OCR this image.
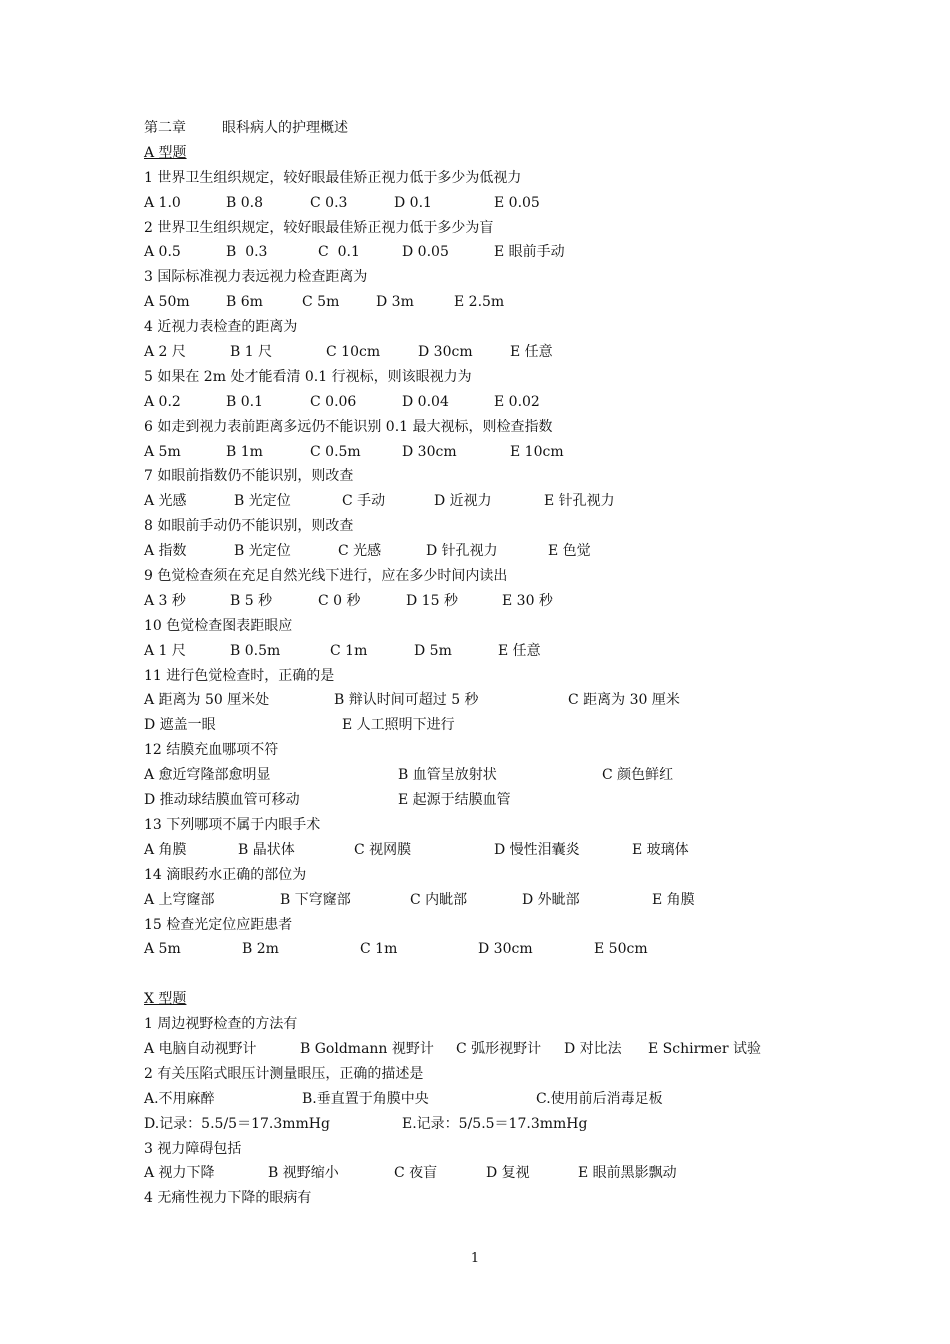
第二章	眼科病人的护理概述
A 型题
1 世界卫生组织规定，较好眼最佳矫正视力低于多少为低视力
A 1.0	B 0.8	C 0.3	D 0.1	E 0.05
2 世界卫生组织规定，较好眼最佳矫正视力低于多少为盲
A 0.5	B  0.3	C  0.1	D 0.05	E 眼前手动
3 国际标准视力表远视力检查距离为
A 50m	B 6m	C 5m	D 3m	E 2.5m
4 近视力表检查的距离为
A 2 尺	B 1 尺	C 10cm	D 30cm	E 任意
5 如果在 2m 处才能看清 0.1 行视标，则该眼视力为
A 0.2	B 0.1	C 0.06	D 0.04	E 0.02
6 如走到视力表前距离多远仍不能识别 0.1 最大视标，则检查指数
A 5m	B 1m	C 0.5m	D 30cm	E 10cm
7 如眼前指数仍不能识别，则改查
A 光感	B 光定位	C 手动	D 近视力	E 针孔视力
8 如眼前手动仍不能识别，则改查
A 指数	B 光定位	C 光感	D 针孔视力	E 色觉
9 色觉检查须在充足自然光线下进行，应在多少时间内读出
A 3 秒	B 5 秒	C 0 秒	D 15 秒	E 30 秒
10 色觉检查图表距眼应
A 1 尺	B 0.5m	C 1m	D 5m	E 任意
11 进行色觉检查时，正确的是
A 距离为 50 厘米处	B 辩认时间可超过 5 秒	C 距离为 30 厘米
D 遮盖一眼	E 人工照明下进行
12 结膜充血哪项不符
A 愈近穹隆部愈明显	B 血管呈放射状	C 颜色鲜红
D 推动球结膜血管可移动	E 起源于结膜血管
13 下列哪项不属于内眼手术
A 角膜	B 晶状体	C 视网膜	D 慢性泪囊炎	E 玻璃体
14 滴眼药水正确的部位为
A 上穹窿部	B 下穹窿部	C 内眦部	D 外眦部	E 角膜
15 检查光定位应距患者
A 5m	B 2m	C 1m	D 30cm	E 50cm
X 型题
1 周边视野检查的方法有
A 电脑自动视野计	B Goldmann 视野计 C 弧形视野计 D 对比法 E Schirmer 试验
2 有关压陷式眼压计测量眼压，正确的描述是
A.不用麻醉	B.垂直置于角膜中央	C.使用前后消毒足板
D.记录：5.5/5＝17.3mmHg	E.记录：5/5.5＝17.3mmHg
3 视力障碍包括
A 视力下降	B 视野缩小	C 夜盲	D 复视	E 眼前黑影飘动
4 无痛性视力下降的眼病有
1
